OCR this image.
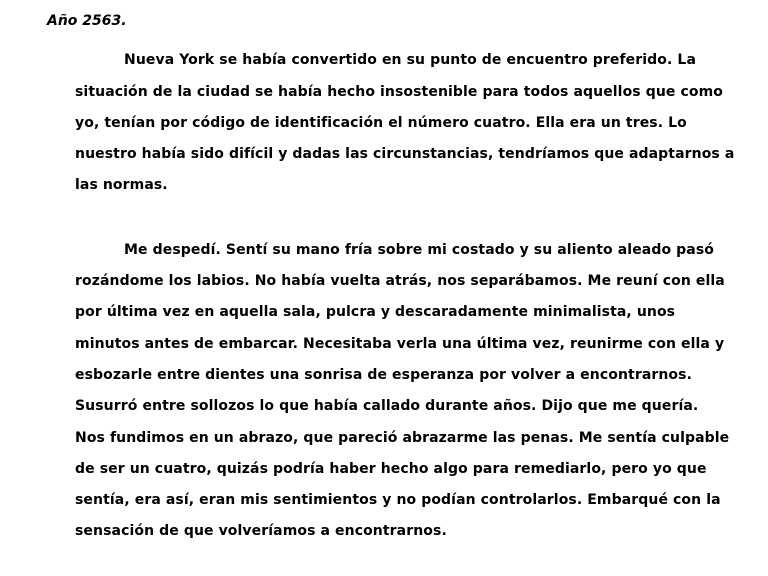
Año 2563.
Nueva York se había convertido en su punto de encuentro preferido. La
situación de la ciudad se había hecho insostenible para todos aquellos que como
yo, tenían por código de identificación el número cuatro. Ella era un tres. Lo
nuestro había sido difícil y dadas las circunstancias, tendríamos que adaptarnos a
las normas.
Me despedí. Sentí su mano fría sobre mi costado y su aliento aleado pasó
rozándome los labios. No había vuelta atrás, nos separábamos. Me reuní con ella
por última vez en aquella sala, pulcra y descaradamente minimalista, unos
minutos antes de embarcar. Necesitaba verla una última vez, reunirme con ella y
esbozarle entre dientes una sonrisa de esperanza por volver a encontrarnos.
Susurró entre sollozos lo que había callado durante años. Dijo que me quería.
Nos fundimos en un abrazo, que pareció abrazarme las penas. Me sentía culpable
de ser un cuatro, quizás podría haber hecho algo para remediarlo, pero yo que
sentía, era así, eran mis sentimientos y no podían controlarlos. Embarqué con la
sensación de que volveríamos a encontrarnos.
